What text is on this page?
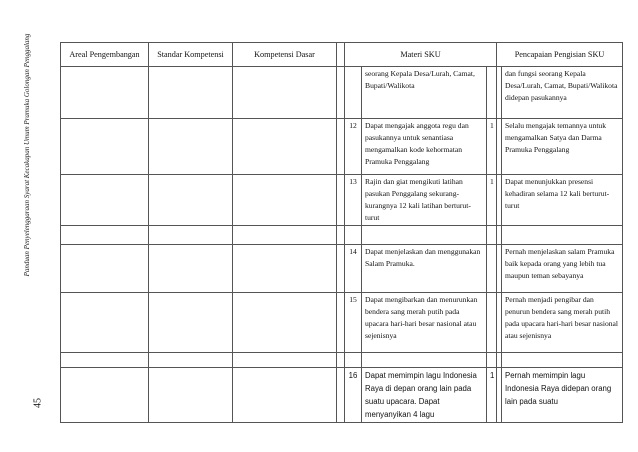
Panduan Penyelenggaraan Syarat Kecakapan Umum Pramuka Golongan Penggalang
45
Areal Pengembangan	Standar Kompetensi	Kompetensi Dasar		Materi SKU			Pencapaian Pengisian SKU	
					seorang Kepala Desa/Lurah, Camat, Bupati/Walikota			dan fungsi seorang Kepala Desa/Lurah, Camat, Bupati/Walikota didepan pasukannya
				12	Dapat mengajak anggota regu dan pasukannya untuk senantiasa mengamalkan kode kehormatan Pramuka Penggalang	1		Selalu mengajak temannya untuk mengamalkan Satya dan Darma Pramuka Penggalang
				13	Rajin dan giat mengikuti latihan pasukan Penggalang sekurang-kurangnya 12 kali latihan berturut-turut	1		Dapat menunjukkan presensi kehadiran selama 12 kali berturut-turut

				14	Dapat menjelaskan dan menggunakan Salam Pramuka.			Pernah menjelaskan salam Pramuka baik kepada orang yang lebih tua maupun teman sebayanya
				15	Dapat mengibarkan dan menurunkan bendera sang merah putih pada upacara hari-hari besar nasional atau sejenisnya			Pernah menjadi pengibar dan penurun bendera sang merah putih pada upacara hari-hari besar nasional atau sejenisnya

				16	Dapat memimpin lagu Indonesia Raya di depan orang lain pada suatu upacara. Dapat menyanyikan 4 lagu	1		Pernah memimpin lagu Indonesia Raya didepan orang lain pada suatu
